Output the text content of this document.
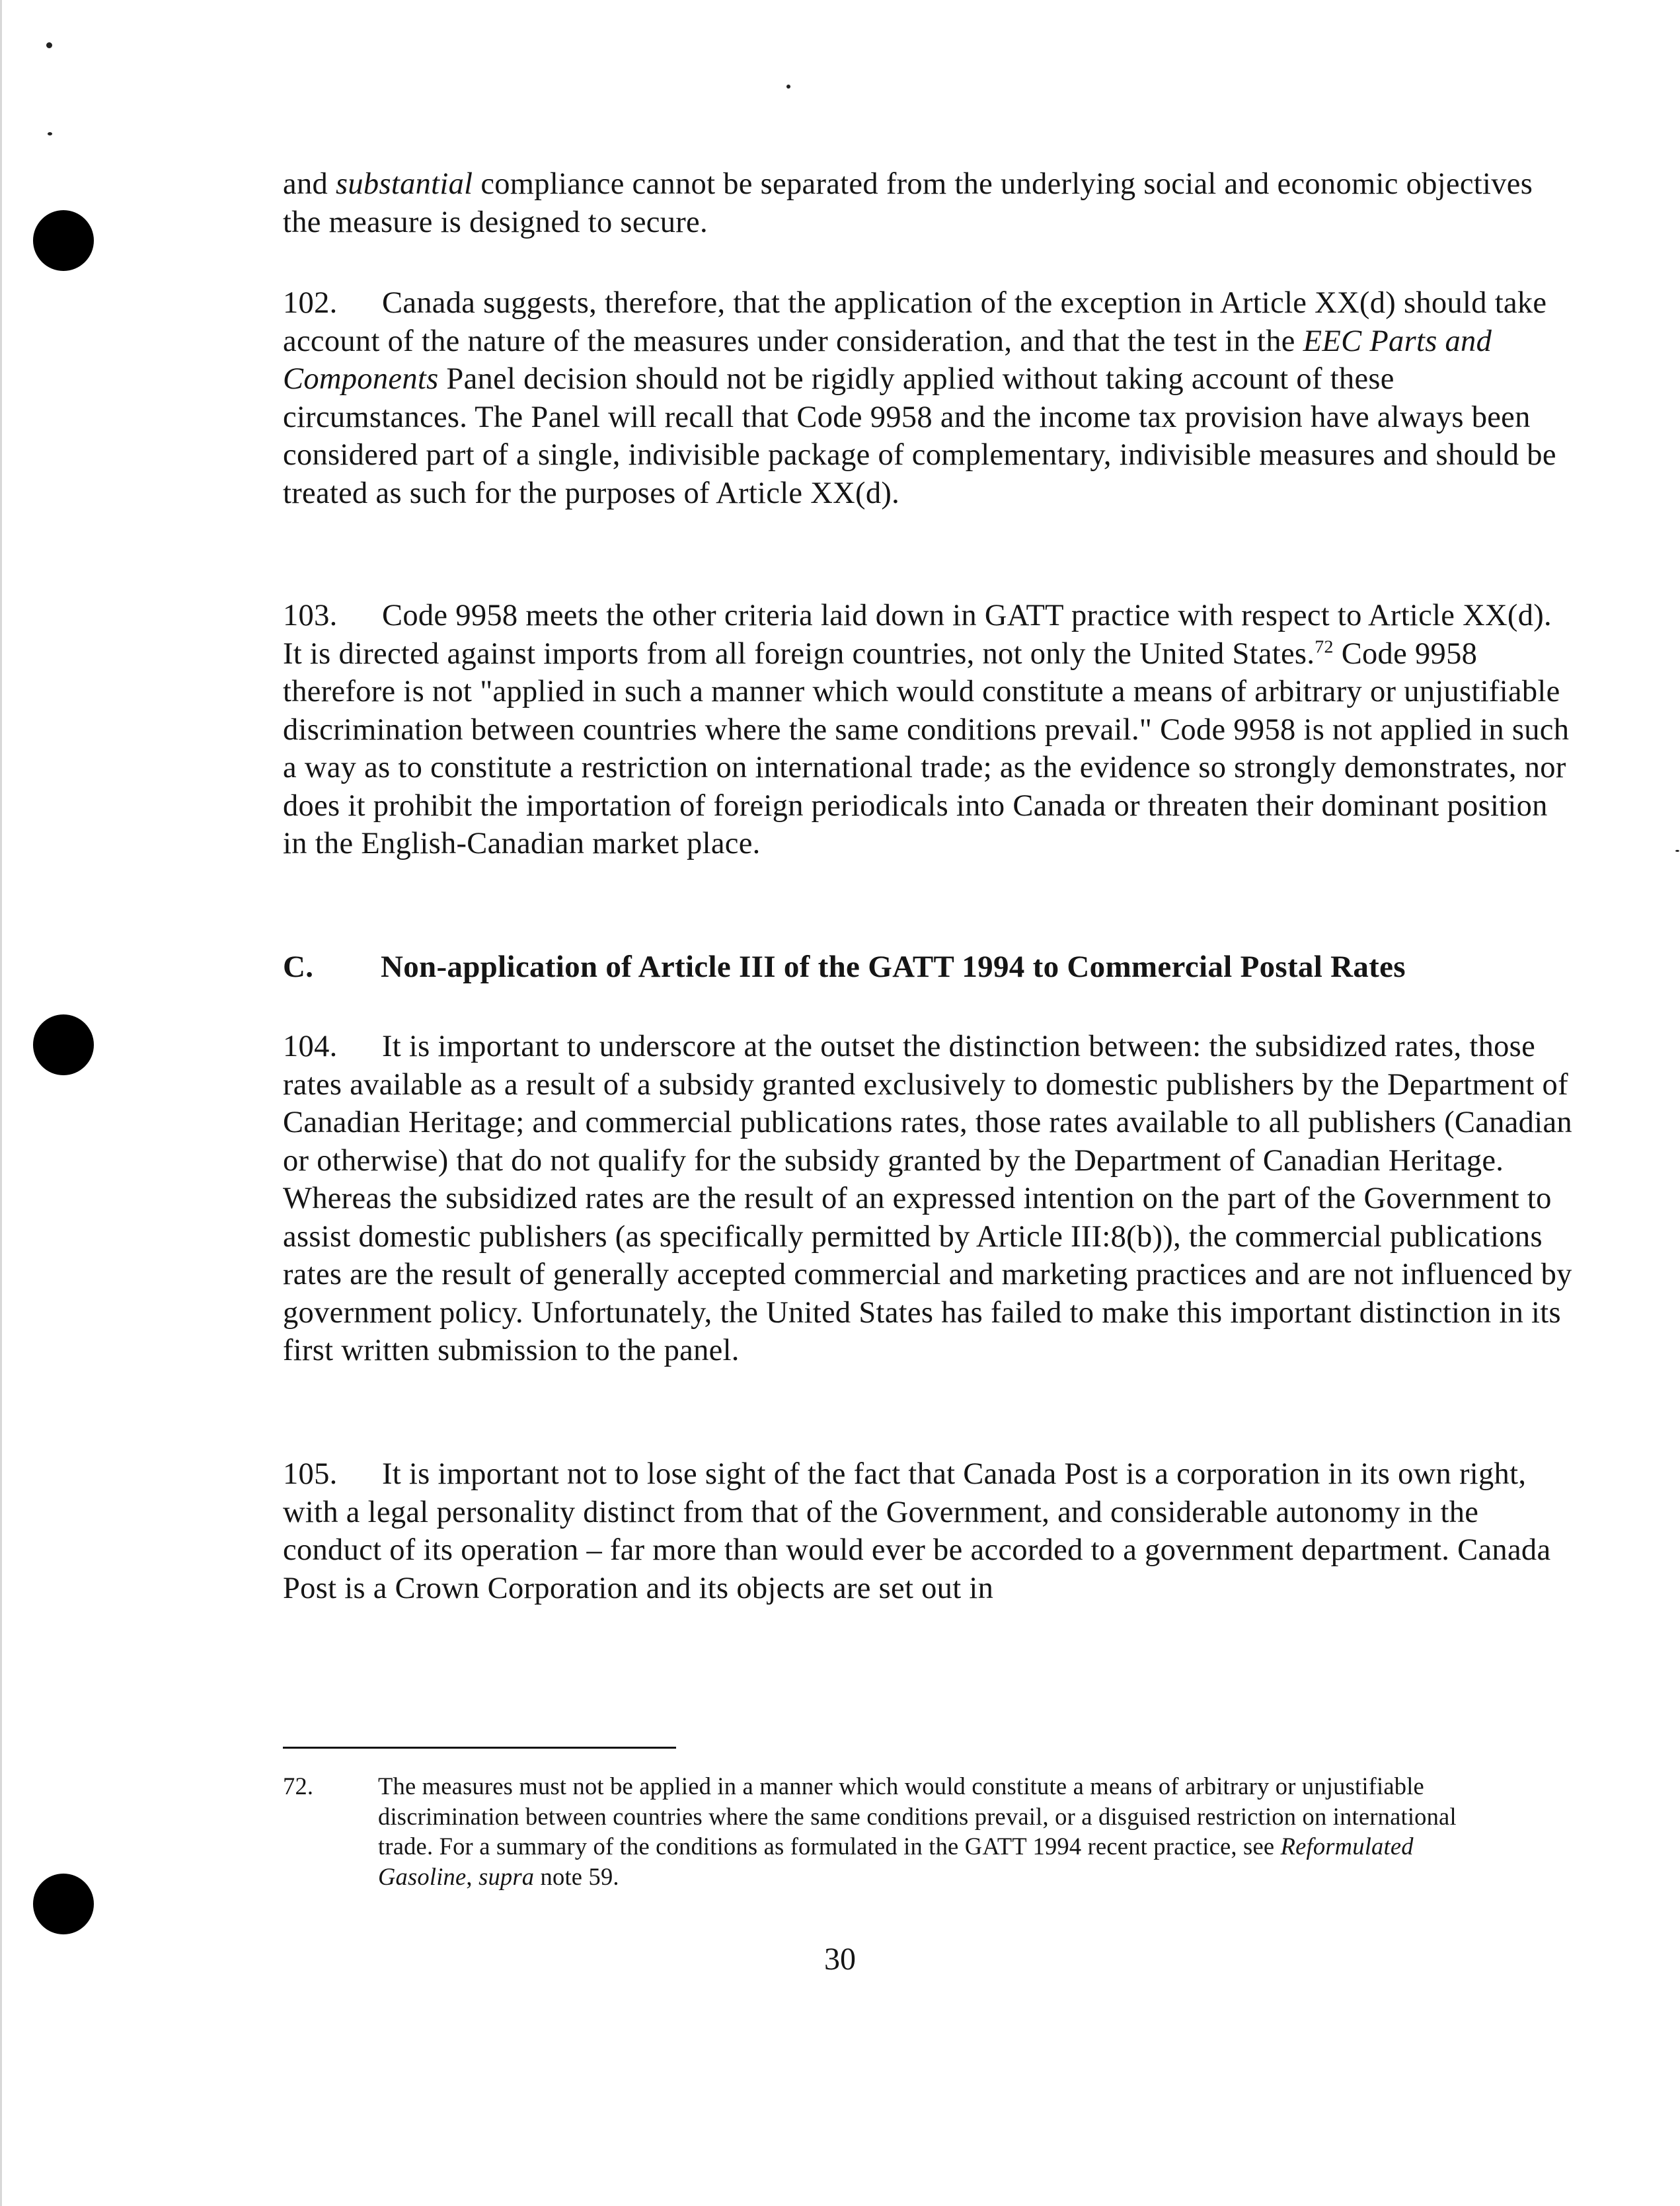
and substantial compliance cannot be separated from the underlying social and economic objectives the measure is designed to secure.

102. Canada suggests, therefore, that the application of the exception in Article XX(d) should take account of the nature of the measures under consideration, and that the test in the EEC Parts and Components Panel decision should not be rigidly applied without taking account of these circumstances. The Panel will recall that Code 9958 and the income tax provision have always been considered part of a single, indivisible package of complementary, indivisible measures and should be treated as such for the purposes of Article XX(d).

103. Code 9958 meets the other criteria laid down in GATT practice with respect to Article XX(d). It is directed against imports from all foreign countries, not only the United States.$^{72}$ Code 9958 therefore is not "applied in such a manner which would constitute a means of arbitrary or unjustifiable discrimination between countries where the same conditions prevail." Code 9958 is not applied in such a way as to constitute a restriction on international trade; as the evidence so strongly demonstrates, nor does it prohibit the importation of foreign periodicals into Canada or threaten their dominant position in the English-Canadian market place.

C. Non-application of Article III of the GATT 1994 to Commercial Postal Rates

104. It is important to underscore at the outset the distinction between: the subsidized rates, those rates available as a result of a subsidy granted exclusively to domestic publishers by the Department of Canadian Heritage; and commercial publications rates, those rates available to all publishers (Canadian or otherwise) that do not qualify for the subsidy granted by the Department of Canadian Heritage. Whereas the subsidized rates are the result of an expressed intention on the part of the Government to assist domestic publishers (as specifically permitted by Article III:8(b)), the commercial publications rates are the result of generally accepted commercial and marketing practices and are not influenced by government policy. Unfortunately, the United States has failed to make this important distinction in its first written submission to the panel.

105. It is important not to lose sight of the fact that Canada Post is a corporation in its own right, with a legal personality distinct from that of the Government, and considerable autonomy in the conduct of its operation – far more than would ever be accorded to a government department. Canada Post is a Crown Corporation and its objects are set out in

72.	The measures must not be applied in a manner which would constitute a means of arbitrary or unjustifiable discrimination between countries where the same conditions prevail, or a disguised restriction on international trade. For a summary of the conditions as formulated in the GATT 1994 recent practice, see Reformulated Gasoline, supra note 59.
30
